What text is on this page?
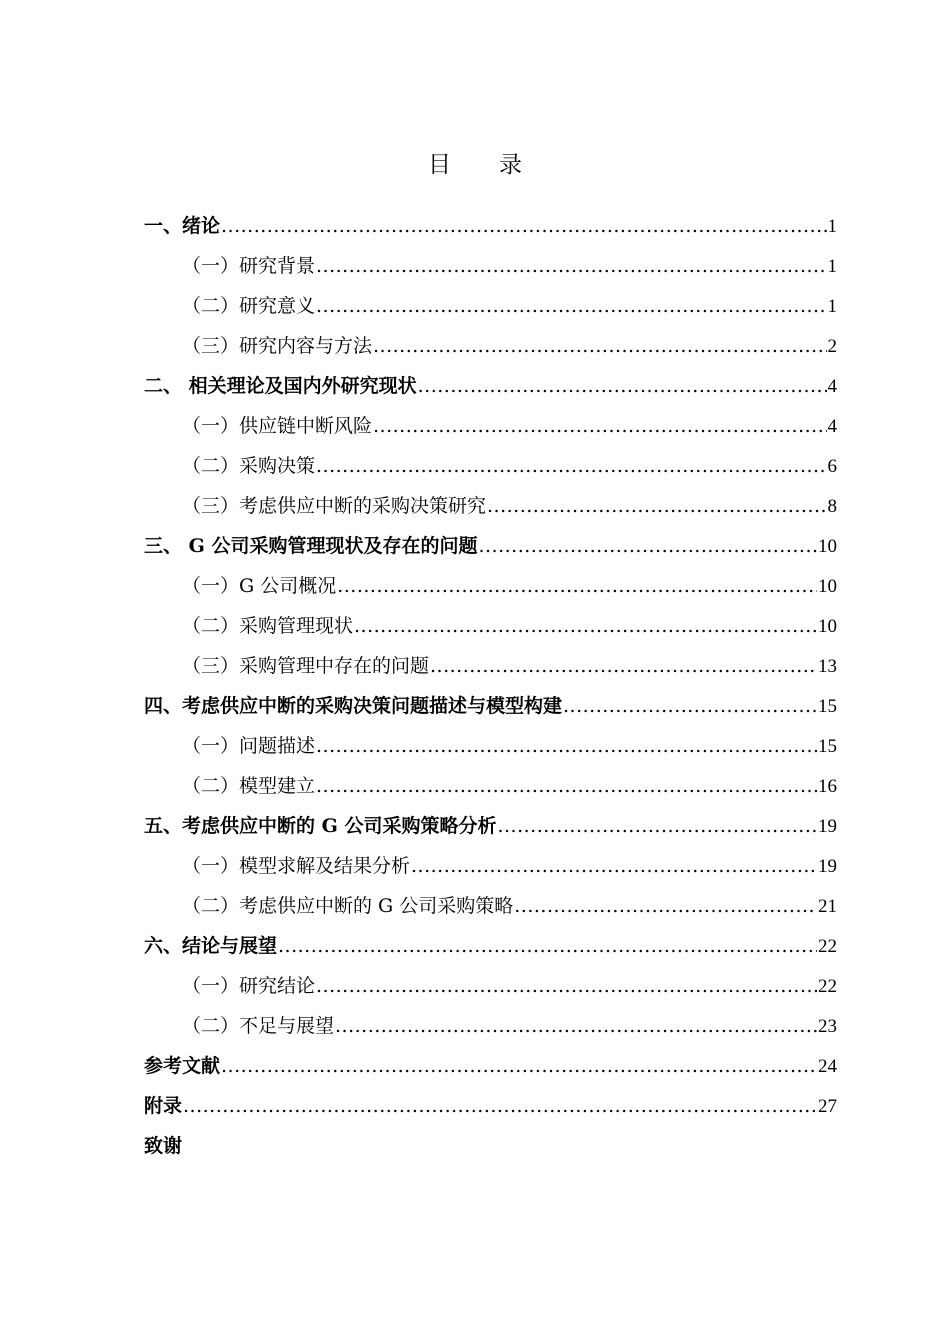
目 录
一、绪论 .....	1
（一）研究背景 .....	1
（二）研究意义 .....	1
（三）研究内容与方法 .....	2
二、 相关理论及国内外研究现状 .....	4
（一）供应链中断风险 .....	4
（二）采购决策 .....	6
（三）考虑供应中断的采购决策研究 .....	8
三、 G 公司采购管理现状及存在的问题 .....	10
（一）G 公司概况 .....	10
（二）采购管理现状 .....	10
（三）采购管理中存在的问题 .....	13
四、考虑供应中断的采购决策问题描述与模型构建 .....	15
（一）问题描述 .....	15
（二）模型建立 .....	16
五、考虑供应中断的 G 公司采购策略分析 .....	19
（一）模型求解及结果分析 .....	19
（二）考虑供应中断的 G 公司采购策略 .....	21
六、结论与展望 .....	22
（一）研究结论 .....	22
（二）不足与展望 .....	23
参考文献 .....	24
附录 .....	27
致谢
